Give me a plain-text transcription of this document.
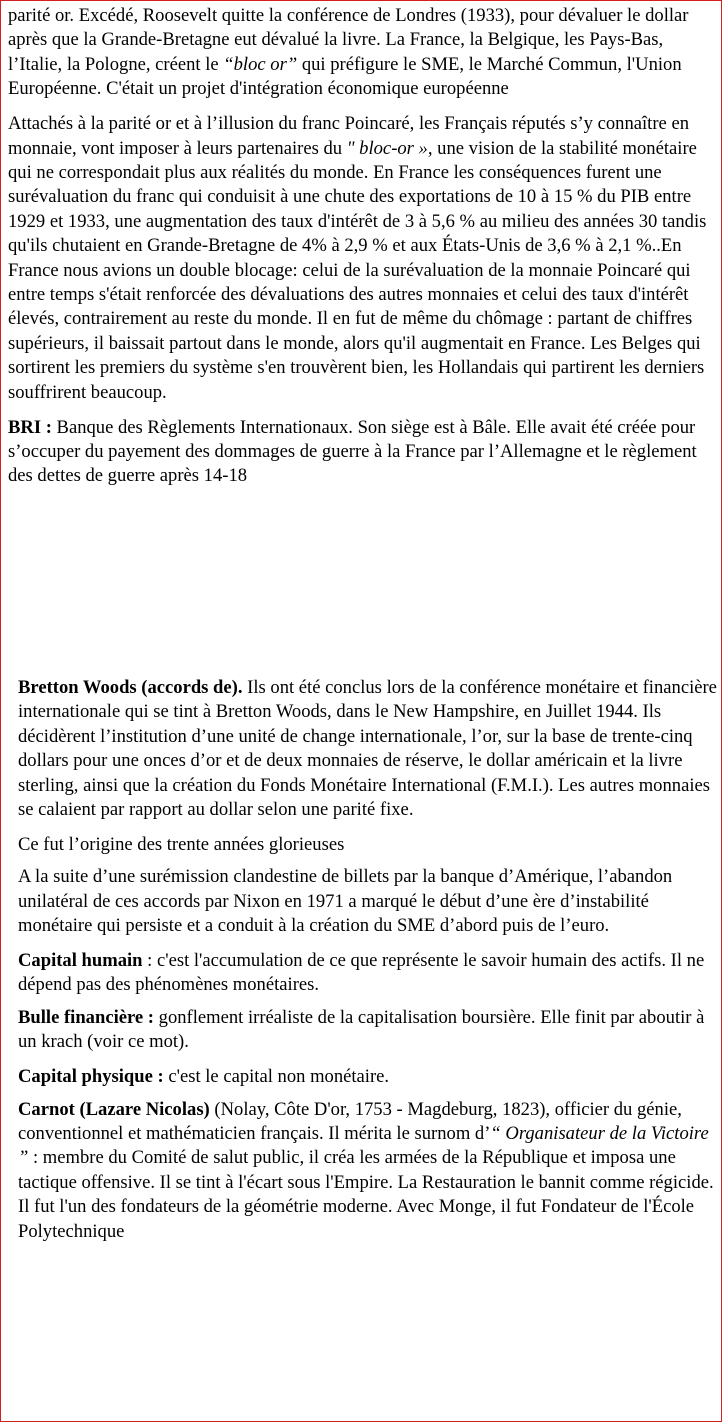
parité or. Excédé, Roosevelt quitte la conférence de Londres (1933), pour dévaluer le dollar après que la Grande-Bretagne eut dévalué la livre. La France, la Belgique, les Pays-Bas, l’Italie, la Pologne, créent le “bloc or” qui préfigure le SME, le Marché Commun, l'Union Européenne. C'était un projet d'intégration économique européenne

Attachés à la parité or et à l’illusion du franc Poincaré, les Français réputés s’y connaître en monnaie, vont imposer à leurs partenaires du " bloc-or », une vision de la stabilité monétaire qui ne correspondait plus aux réalités du monde. En France les conséquences furent une surévaluation du franc qui conduisit à une chute des exportations de 10 à 15 % du PIB entre 1929 et 1933, une augmentation des taux d'intérêt de 3 à 5,6 % au milieu des années 30 tandis qu'ils chutaient en Grande-Bretagne de 4% à 2,9 % et aux États-Unis de 3,6 % à 2,1 %..En France nous avions un double blocage: celui de la surévaluation de la monnaie Poincaré qui entre temps s'était renforcée des dévaluations des autres monnaies et celui des taux d'intérêt élevés, contrairement au reste du monde. Il en fut de même du chômage : partant de chiffres supérieurs, il baissait partout dans le monde, alors qu'il augmentait en France. Les Belges qui sortirent les premiers du système s'en trouvèrent bien, les Hollandais qui partirent les derniers souffrirent beaucoup.

BRI : Banque des Règlements Internationaux. Son siège est à Bâle. Elle avait été créée pour s’occuper du payement des dommages de guerre à la France par l’Allemagne et le règlement des dettes de guerre après 14-18

Bretton Woods (accords de). Ils ont été conclus lors de la conférence monétaire et financière internationale qui se tint à Bretton Woods, dans le New Hampshire, en Juillet 1944. Ils décidèrent l’institution d’une unité de change internationale, l’or, sur la base de trente-cinq dollars pour une onces d’or et de deux monnaies de réserve, le dollar américain et la livre sterling, ainsi que la création du Fonds Monétaire International (F.M.I.). Les autres monnaies se calaient par rapport au dollar selon une parité fixe.

Ce fut l’origine des trente années glorieuses

A la suite d’une surémission clandestine de billets par la banque d’Amérique, l’abandon unilatéral de ces accords par Nixon en 1971 a marqué le début d’une ère d’instabilité monétaire qui persiste et a conduit à la création du SME d’abord puis de l’euro.

Capital humain : c'est l'accumulation de ce que représente le savoir humain des actifs. Il ne dépend pas des phénomènes monétaires.

Bulle financière : gonflement irréaliste de la capitalisation boursière. Elle finit par aboutir à un krach (voir ce mot).

Capital physique : c'est le capital non monétaire.

Carnot (Lazare Nicolas) (Nolay, Côte D'or, 1753 - Magdeburg, 1823), officier du génie, conventionnel et mathématicien français. Il mérita le surnom d’“ Organisateur de la Victoire ” : membre du Comité de salut public, il créa les armées de la République et imposa une tactique offensive. Il se tint à l'écart sous l'Empire. La Restauration le bannit comme régicide. Il fut l'un des fondateurs de la géométrie moderne. Avec Monge, il fut Fondateur de l'École Polytechnique
